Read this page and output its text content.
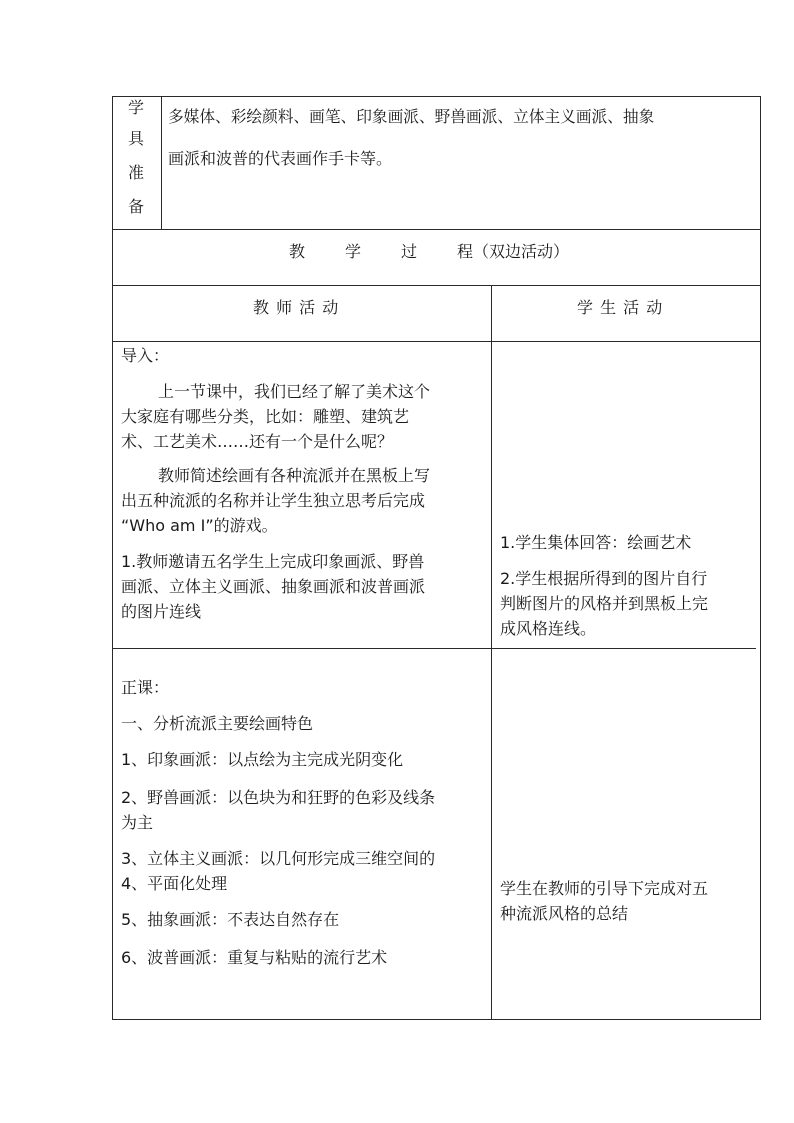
学
具
准
备
多媒体、彩绘颜料、画笔、印象画派、野兽画派、立体主义画派、抽象
画派和波普的代表画作手卡等。
教 学 过 程 （双边活动）
教 师 活 动	学 生 活 动
导入：
上一节课中，我们已经了解了美术这个
大家庭有哪些分类，比如：雕塑、建筑艺
术、工艺美术……还有一个是什么呢？
教师简述绘画有各种流派并在黑板上写
出五种流派的名称并让学生独立思考后完成
“Who am I”的游戏。
1.教师邀请五名学生上完成印象画派、野兽
画派、立体主义画派、抽象画派和波普画派
的图片连线
1.学生集体回答：绘画艺术
2.学生根据所得到的图片自行
判断图片的风格并到黑板上完
成风格连线。
正课：
一、分析流派主要绘画特色
1、印象画派：以点绘为主完成光阴变化
2、野兽画派：以色块为和狂野的色彩及线条
为主
3、立体主义画派：以几何形完成三维空间的
4、平面化处理
5、抽象画派：不表达自然存在
6、波普画派：重复与粘贴的流行艺术
学生在教师的引导下完成对五
种流派风格的总结
